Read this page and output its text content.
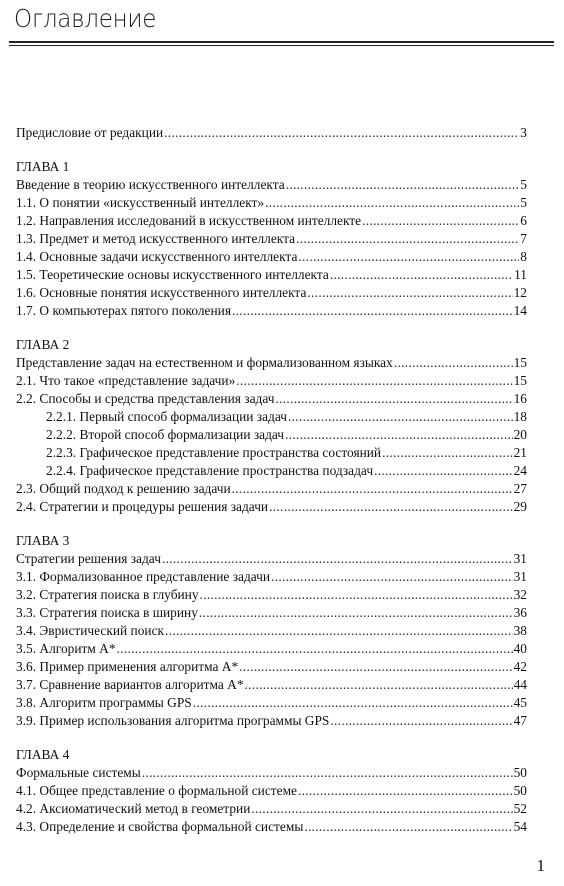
Оглавление
Предисловие от редакции .....	3
ГЛАВА 1
Введение в теорию искусственного интеллекта .....	5
1.1. О понятии «искусственный интеллект» .....	5
1.2. Направления исследований в искусственном интеллекте .....	6
1.3. Предмет и метод искусственного интеллекта .....	7
1.4. Основные задачи искусственного интеллекта .....	8
1.5. Теоретические основы искусственного интеллекта .....	11
1.6. Основные понятия искусственного интеллекта .....	12
1.7. О компьютерах пятого поколения .....	14
ГЛАВА 2
Представление задач на естественном и формализованном языках .....	15
2.1. Что такое «представление задачи» .....	15
2.2. Способы и средства представления задач .....	16
2.2.1. Первый способ формализации задач .....	18
2.2.2. Второй способ формализации задач .....	20
2.2.3. Графическое представление пространства состояний .....	21
2.2.4. Графическое представление пространства подзадач .....	24
2.3. Общий подход к решению задачи .....	27
2.4. Стратегии и процедуры решения задачи .....	29
ГЛАВА 3
Стратегии решения задач .....	31
3.1. Формализованное представление задачи .....	31
3.2. Стратегия поиска в глубину .....	32
3.3. Стратегия поиска в ширину .....	36
3.4. Эвристический поиск .....	38
3.5. Алгоритм A* .....	40
3.6. Пример применения алгоритма A* .....	42
3.7. Сравнение вариантов алгоритма A* .....	44
3.8. Алгоритм программы GPS .....	45
3.9. Пример использования алгоритма программы GPS .....	47
ГЛАВА 4
Формальные системы .....	50
4.1. Общее представление о формальной системе .....	50
4.2. Аксиоматический метод в геометрии .....	52
4.3. Определение и свойства формальной системы .....	54
1
